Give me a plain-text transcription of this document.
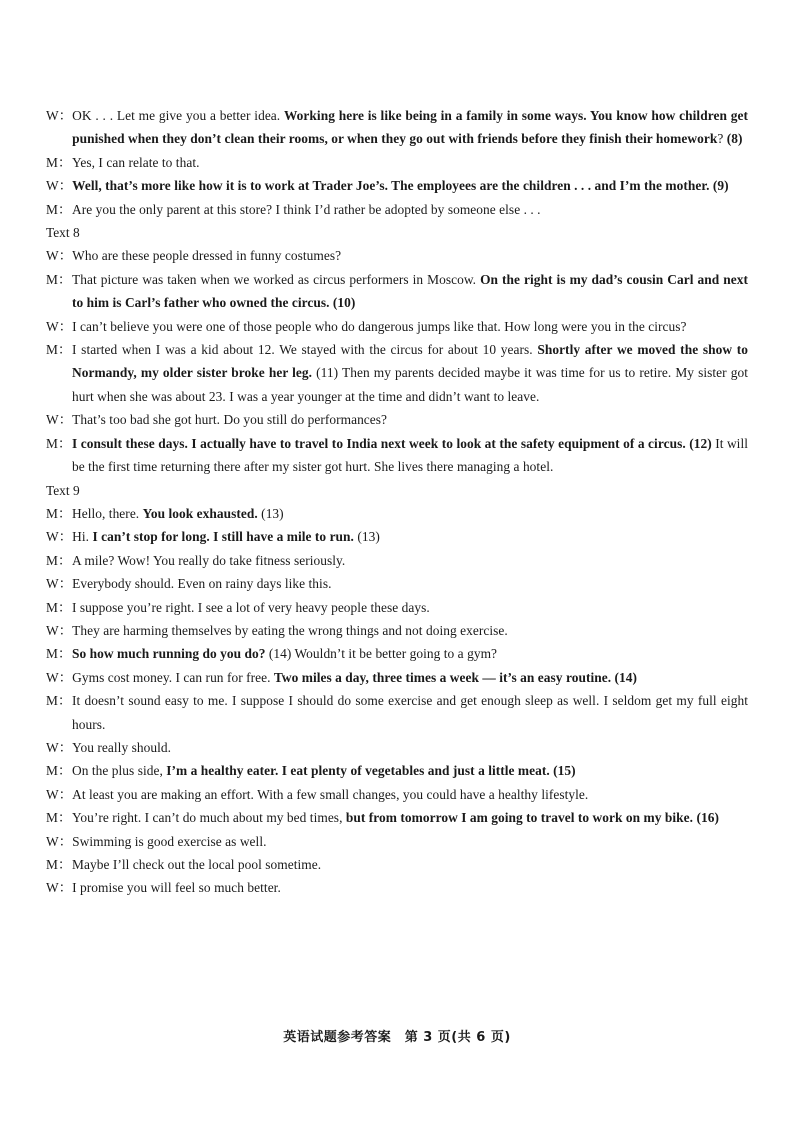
W： OK . . . Let me give you a better idea. Working here is like being in a family in some ways. You know how children get punished when they don’t clean their rooms, or when they go out with friends before they finish their homework? (8)
M： Yes, I can relate to that.
W： Well, that’s more like how it is to work at Trader Joe’s. The employees are the children . . . and I’m the mother. (9)
M： Are you the only parent at this store? I think I’d rather be adopted by someone else . . .
Text 8
W： Who are these people dressed in funny costumes?
M： That picture was taken when we worked as circus performers in Moscow. On the right is my dad’s cousin Carl and next to him is Carl’s father who owned the circus. (10)
W： I can’t believe you were one of those people who do dangerous jumps like that. How long were you in the circus?
M： I started when I was a kid about 12. We stayed with the circus for about 10 years. Shortly after we moved the show to Normandy, my older sister broke her leg. (11) Then my parents decided maybe it was time for us to retire. My sister got hurt when she was about 23. I was a year younger at the time and didn’t want to leave.
W： That’s too bad she got hurt. Do you still do performances?
M： I consult these days. I actually have to travel to India next week to look at the safety equipment of a circus. (12) It will be the first time returning there after my sister got hurt. She lives there managing a hotel.
Text 9
M： Hello, there. You look exhausted. (13)
W： Hi. I can’t stop for long. I still have a mile to run. (13)
M： A mile? Wow! You really do take fitness seriously.
W： Everybody should. Even on rainy days like this.
M： I suppose you’re right. I see a lot of very heavy people these days.
W： They are harming themselves by eating the wrong things and not doing exercise.
M： So how much running do you do? (14) Wouldn’t it be better going to a gym?
W： Gyms cost money. I can run for free. Two miles a day, three times a week — it’s an easy routine. (14)
M： It doesn’t sound easy to me. I suppose I should do some exercise and get enough sleep as well. I seldom get my full eight hours.
W： You really should.
M： On the plus side, I’m a healthy eater. I eat plenty of vegetables and just a little meat. (15)
W： At least you are making an effort. With a few small changes, you could have a healthy lifestyle.
M： You’re right. I can’t do much about my bed times, but from tomorrow I am going to travel to work on my bike. (16)
W： Swimming is good exercise as well.
M： Maybe I’ll check out the local pool sometime.
W： I promise you will feel so much better.
英语试题参考答案　第 3 页(共 6 页)
